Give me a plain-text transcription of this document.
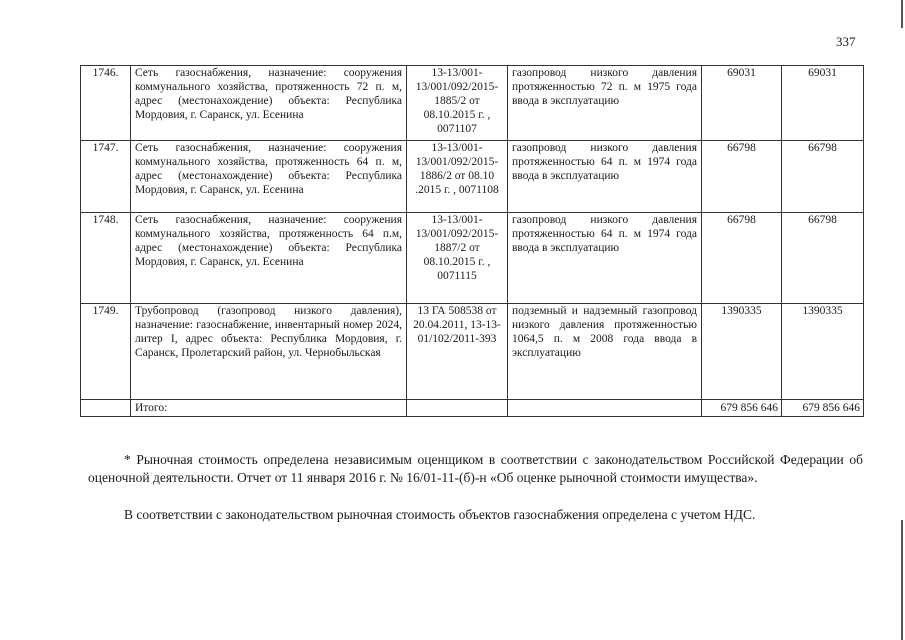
337
1746.	Сеть газоснабжения, назначение: сооружения коммунального хозяйства, протяженность 72 п. м, адрес (местонахождение) объекта: Республика Мордовия, г. Саранск, ул. Есенина	13-13/001-13/001/092/2015-1885/2 от 08.10.2015 г. , 0071107	газопровод низкого давления протяженностью 72 п. м 1975 года ввода в эксплуатацию	69031	69031
1747.	Сеть газоснабжения, назначение: сооружения коммунального хозяйства, протяженность 64 п. м, адрес (местонахождение) объекта: Республика Мордовия, г. Саранск, ул. Есенина	13-13/001-13/001/092/2015-1886/2 от 08.10 .2015 г. , 0071108	газопровод низкого давления протяженностью 64 п. м 1974 года ввода в эксплуатацию	66798	66798
1748.	Сеть газоснабжения, назначение: сооружения коммунального хозяйства, протяженность 64 п.м, адрес (местонахождение) объекта: Республика Мордовия, г. Саранск, ул. Есенина	13-13/001-13/001/092/2015-1887/2 от 08.10.2015 г. , 0071115	газопровод низкого давления протяженностью 64 п. м 1974 года ввода в эксплуатацию	66798	66798
1749.	Трубопровод (газопровод низкого давления), назначение: газоснабжение, инвентарный номер 2024, литер I, адрес объекта: Республика Мордовия, г. Саранск, Пролетарский район, ул. Чернобыльская	13 ГА 508538 от 20.04.2011, 13-13-01/102/2011-393	подземный и надземный газопровод низкого давления протяженностью 1064,5 п. м 2008 года ввода в эксплуатацию	1390335	1390335
	Итого:			679 856 646	679 856 646

* Рыночная стоимость определена независимым оценщиком в соответствии с законодательством Российской Федерации об оценочной деятельности. Отчет от 11 января 2016 г. № 16/01-11-(б)-н «Об оценке рыночной стоимости имущества».

В соответствии с законодательством рыночная стоимость объектов газоснабжения определена с учетом НДС.
